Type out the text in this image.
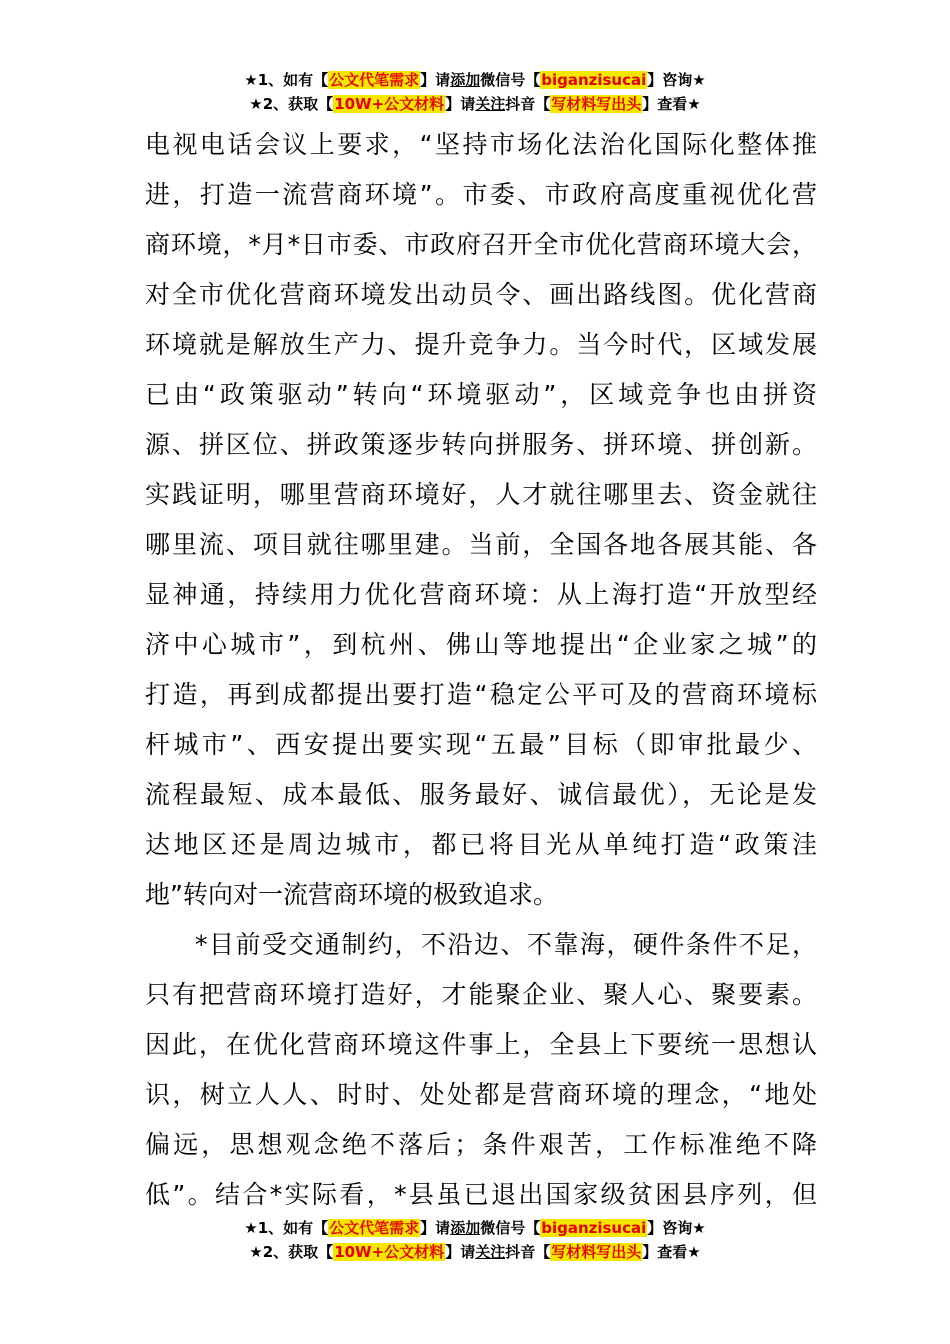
★1、如有【公文代笔需求】请添加微信号【biganzisucai】咨询★
★2、获取【10W+公文材料】请关注抖音【写材料写出头】查看★
电视电话会议上要求，“坚持市场化法治化国际化整体推
进，打造一流营商环境”。市委、市政府高度重视优化营
商环境，*月*日市委、市政府召开全市优化营商环境大会，
对全市优化营商环境发出动员令、画出路线图。优化营商
环境就是解放生产力、提升竞争力。当今时代，区域发展
已由“政策驱动”转向“环境驱动”，区域竞争也由拼资
源、拼区位、拼政策逐步转向拼服务、拼环境、拼创新。
实践证明，哪里营商环境好，人才就往哪里去、资金就往
哪里流、项目就往哪里建。当前，全国各地各展其能、各
显神通，持续用力优化营商环境：从上海打造“开放型经
济中心城市”，到杭州、佛山等地提出“企业家之城”的
打造，再到成都提出要打造“稳定公平可及的营商环境标
杆城市”、西安提出要实现“五最”目标（即审批最少、
流程最短、成本最低、服务最好、诚信最优），无论是发
达地区还是周边城市，都已将目光从单纯打造“政策洼
地”转向对一流营商环境的极致追求。
*目前受交通制约，不沿边、不靠海，硬件条件不足，
只有把营商环境打造好，才能聚企业、聚人心、聚要素。
因此，在优化营商环境这件事上，全县上下要统一思想认
识，树立人人、时时、处处都是营商环境的理念，“地处
偏远，思想观念绝不落后；条件艰苦，工作标准绝不降
低”。结合*实际看，*县虽已退出国家级贫困县序列，但
★1、如有【公文代笔需求】请添加微信号【biganzisucai】咨询★
★2、获取【10W+公文材料】请关注抖音【写材料写出头】查看★
